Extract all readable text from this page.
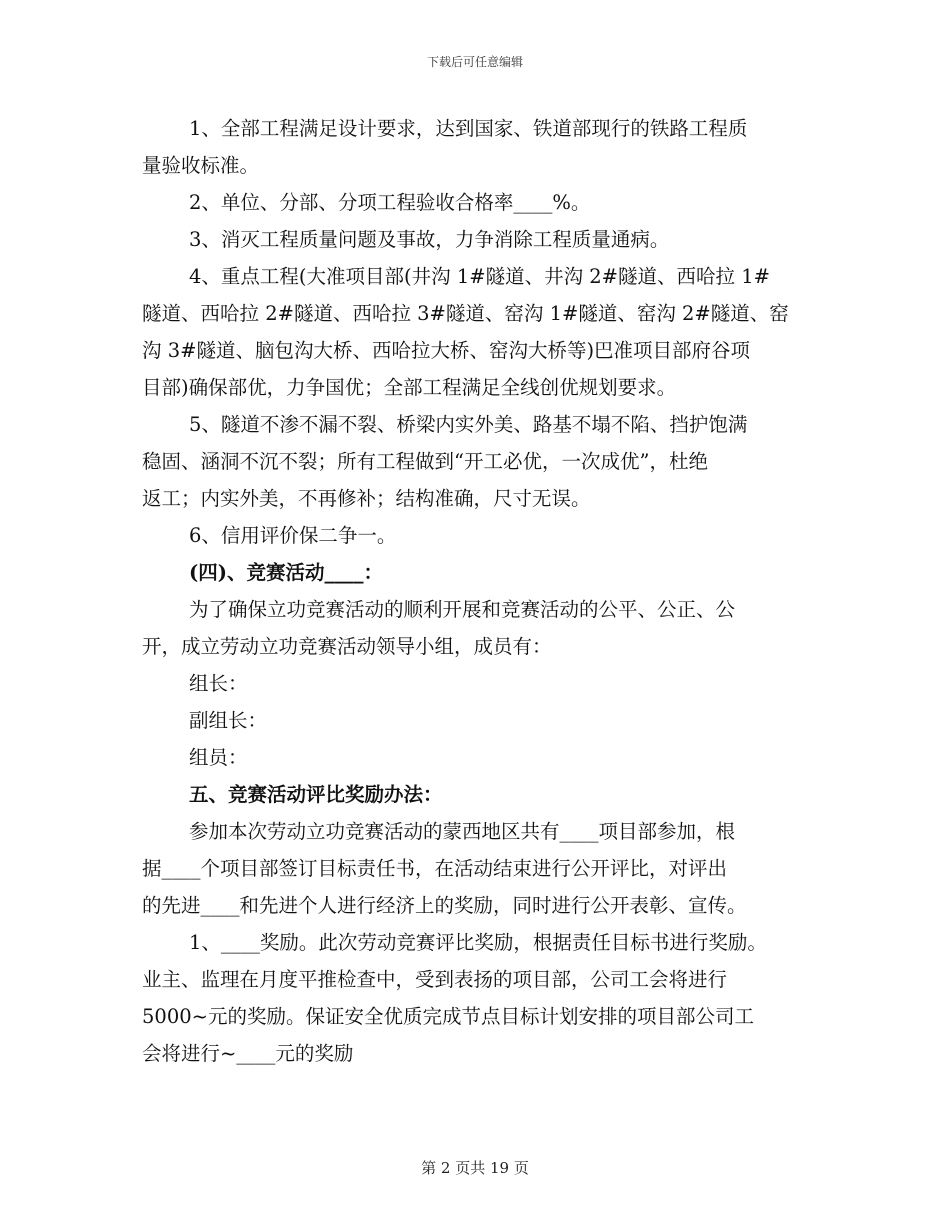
下载后可任意编辑
1、全部工程满足设计要求，达到国家、铁道部现行的铁路工程质
量验收标准。
2、单位、分部、分项工程验收合格率____%。
3、消灭工程质量问题及事故，力争消除工程质量通病。
4、重点工程(大准项目部(井沟 1#隧道、井沟 2#隧道、西哈拉 1#
隧道、西哈拉 2#隧道、西哈拉 3#隧道、窑沟 1#隧道、窑沟 2#隧道、窑
沟 3#隧道、脑包沟大桥、西哈拉大桥、窑沟大桥等)巴准项目部府谷项
目部)确保部优，力争国优；全部工程满足全线创优规划要求。
5、隧道不渗不漏不裂、桥梁内实外美、路基不塌不陷、挡护饱满
稳固、涵洞不沉不裂；所有工程做到“开工必优，一次成优”，杜绝
返工；内实外美，不再修补；结构准确，尺寸无误。
6、信用评价保二争一。
(四)、竞赛活动____：
为了确保立功竞赛活动的顺利开展和竞赛活动的公平、公正、公
开，成立劳动立功竞赛活动领导小组，成员有：
组长：
副组长：
组员：
五、竞赛活动评比奖励办法：
参加本次劳动立功竞赛活动的蒙西地区共有____项目部参加，根
据____个项目部签订目标责任书，在活动结束进行公开评比，对评出
的先进____和先进个人进行经济上的奖励，同时进行公开表彰、宣传。
1、____奖励。此次劳动竞赛评比奖励，根据责任目标书进行奖励。
业主、监理在月度平推检查中，受到表扬的项目部，公司工会将进行
5000~元的奖励。保证安全优质完成节点目标计划安排的项目部公司工
会将进行~____元的奖励
第 2 页共 19 页
